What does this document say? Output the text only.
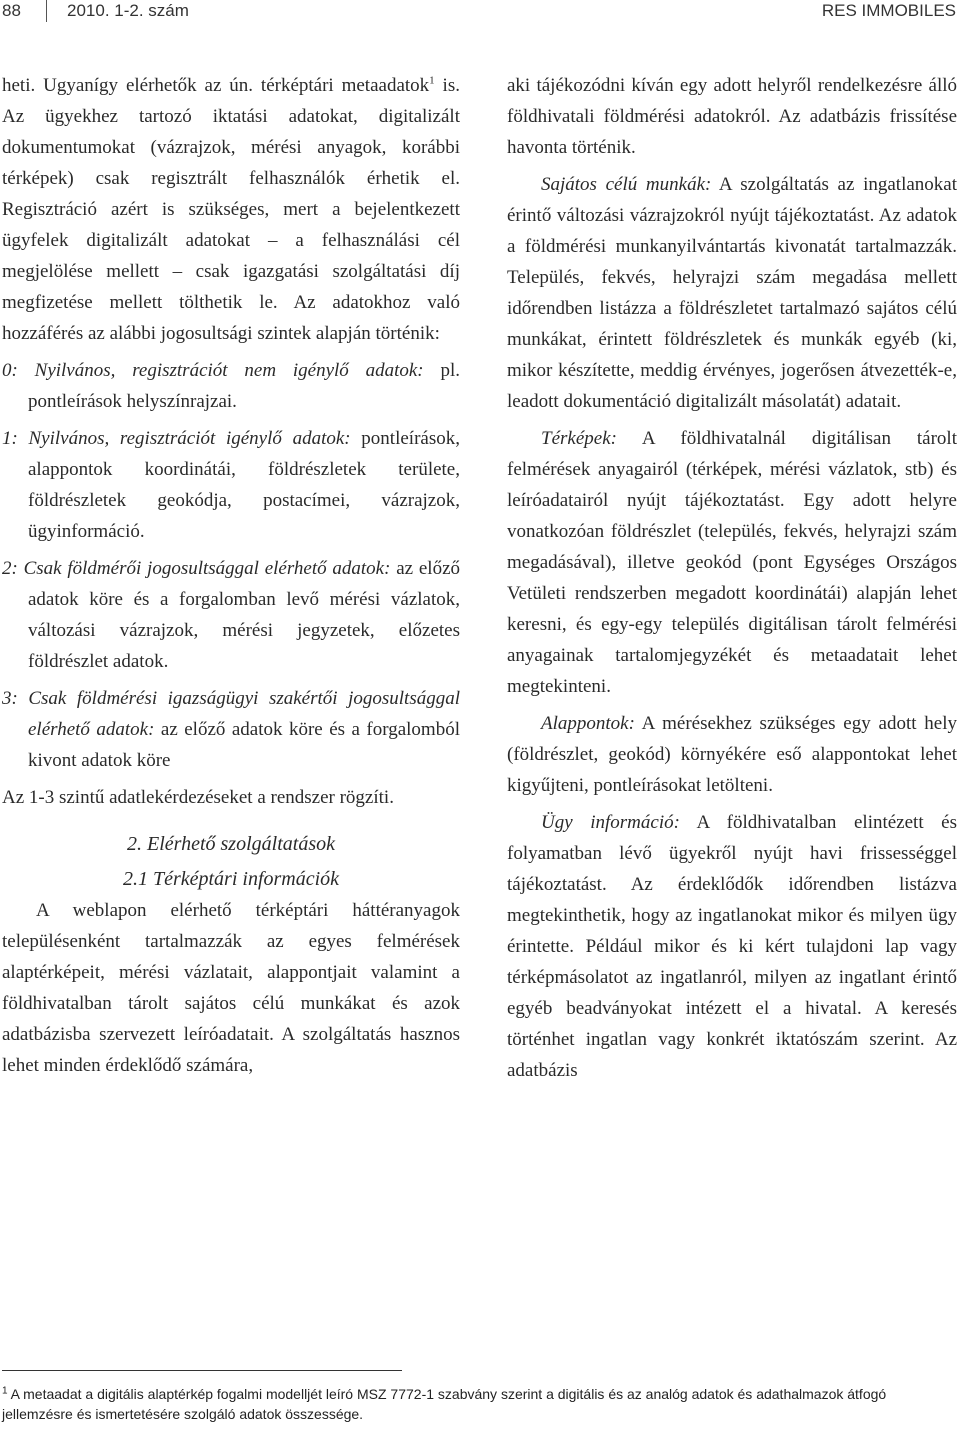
88	2010. 1-2. szám	RES IMMOBILES

heti. Ugyanígy elérhetők az ún. térképtári metaadatok$^1$ is. Az ügyekhez tartozó iktatási adatokat, digitalizált dokumentumokat (vázrajzok, mérési anyagok, korábbi térképek) csak regisztrált felhasználók érhetik el. Regisztráció azért is szükséges, mert a bejelentkezett ügyfelek digitalizált adatokat – a felhasználási cél megjelölése mellett – csak igazgatási szolgáltatási díj megfizetése mellett tölthetik le. Az adatokhoz való hozzáférés az alábbi jogosultsági szintek alapján történik:

0: Nyilvános, regisztrációt nem igénylő adatok: pl. pontleírások helyszínrajzai.

1: Nyilvános, regisztrációt igénylő adatok: pontleírások, alappontok koordinátái, földrészletek területe, földrészletek geokódja, postacímei, vázrajzok, ügyinformáció.

2: Csak földmérői jogosultsággal elérhető adatok: az előző adatok köre és a forgalomban levő mérési vázlatok, változási vázrajzok, mérési jegyzetek, előzetes földrészlet adatok.

3: Csak földmérési igazságügyi szakértői jogosultsággal elérhető adatok: az előző adatok köre és a forgalomból kivont adatok köre

Az 1-3 szintű adatlekérdezéseket a rendszer rögzíti.

2. Elérhető szolgáltatások

2.1 Térképtári információk

A weblapon elérhető térképtári háttéranyagok településenként tartalmazzák az egyes felmérések alaptérképeit, mérési vázlatait, alappontjait valamint a földhivatalban tárolt sajátos célú munkákat és azok adatbázisba szervezett leíróadatait. A szolgáltatás hasznos lehet minden érdeklődő számára,

aki tájékozódni kíván egy adott helyről rendelkezésre álló földhivatali földmérési adatokról. Az adatbázis frissítése havonta történik.

Sajátos célú munkák: A szolgáltatás az ingatlanokat érintő változási vázrajzokról nyújt tájékoztatást. Az adatok a földmérési munkanyilvántartás kivonatát tartalmazzák. Település, fekvés, helyrajzi szám megadása mellett időrendben listázza a földrészletet tartalmazó sajátos célú munkákat, érintett földrészletek és munkák egyéb (ki, mikor készítette, meddig érvényes, jogerősen átvezették-e, leadott dokumentáció digitalizált másolatát) adatait.

Térképek: A földhivatalnál digitálisan tárolt felmérések anyagairól (térképek, mérési vázlatok, stb) és leíróadatairól nyújt tájékoztatást. Egy adott helyre vonatkozóan földrészlet (település, fekvés, helyrajzi szám megadásával), illetve geokód (pont Egységes Országos Vetületi rendszerben megadott koordinátái) alapján lehet keresni, és egy-egy település digitálisan tárolt felmérési anyagainak tartalomjegyzékét és metaadatait lehet megtekinteni.

Alappontok: A mérésekhez szükséges egy adott hely (földrészlet, geokód) környékére eső alappontokat lehet kigyűjteni, pontleírásokat letölteni.

Ügy információ: A földhivatalban elintézett és folyamatban lévő ügyekről nyújt havi frissességgel tájékoztatást. Az érdeklődők időrendben listázva megtekinthetik, hogy az ingatlanokat mikor és milyen ügy érintette. Például mikor és ki kért tulajdoni lap vagy térképmásolatot az ingatlanról, milyen az ingatlant érintő egyéb beadványokat intézett el a hivatal. A keresés történhet ingatlan vagy konkrét iktatószám szerint. Az adatbázis

$^1$ A metaadat a digitális alaptérkép fogalmi modelljét leíró MSZ 7772-1 szabvány szerint a digitális és az analóg adatok és adathalmazok átfogó jellemzésre és ismertetésére szolgáló adatok összessége.
